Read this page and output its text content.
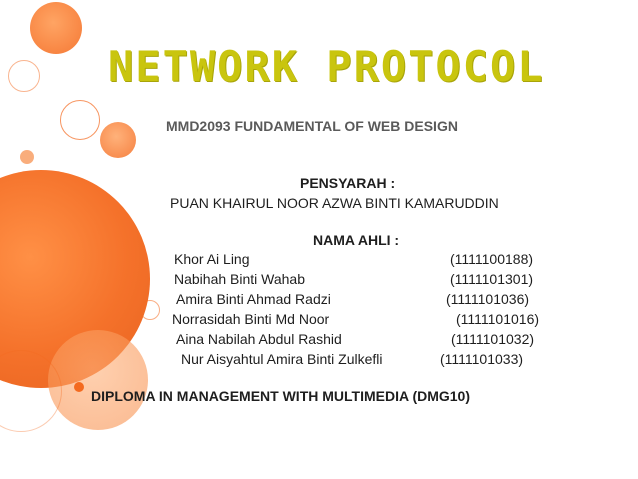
NETWORK PROTOCOL
MMD2093 FUNDAMENTAL OF WEB DESIGN
PENSYARAH :
PUAN KHAIRUL NOOR AZWA BINTI KAMARUDDIN
NAMA AHLI :
Khor Ai Ling	(1111100188)
Nabihah Binti Wahab	(1111101301)
Amira Binti Ahmad Radzi	(1111101036)
Norrasidah Binti Md Noor	(1111101016)
Aina Nabilah Abdul Rashid	(1111101032)
Nur Aisyahtul Amira Binti Zulkefli	(1111101033)
DIPLOMA IN MANAGEMENT WITH MULTIMEDIA (DMG10)
